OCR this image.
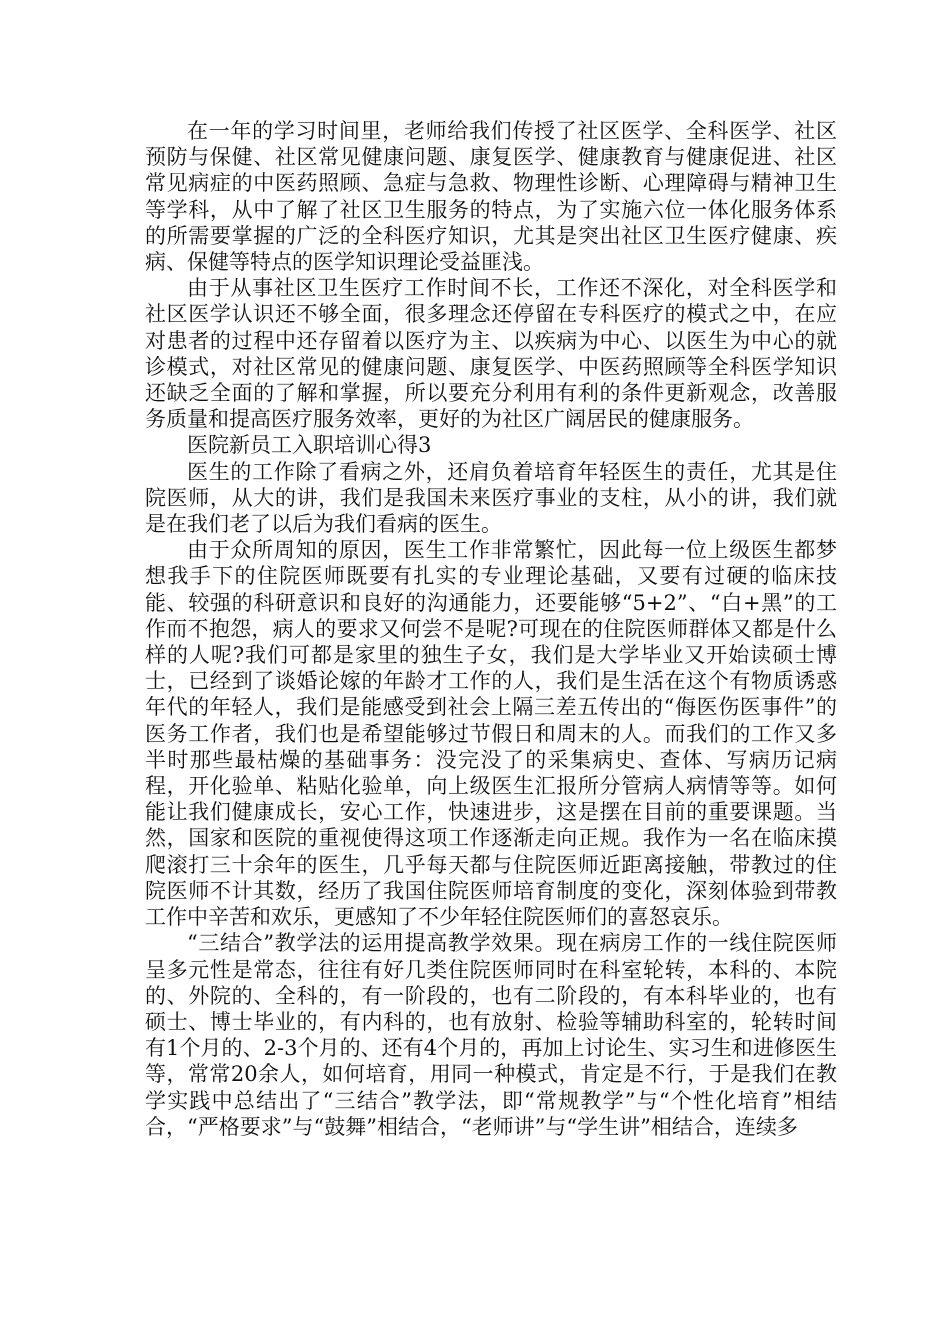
在一年的学习时间里，老师给我们传授了社区医学、全科医学、社区预防与保健、社区常见健康问题、康复医学、健康教育与健康促进、社区常见病症的中医药照顾、急症与急救、物理性诊断、心理障碍与精神卫生等学科，从中了解了社区卫生服务的特点，为了实施六位一体化服务体系的所需要掌握的广泛的全科医疗知识，尤其是突出社区卫生医疗健康、疾病、保健等特点的医学知识理论受益匪浅。

由于从事社区卫生医疗工作时间不长，工作还不深化，对全科医学和社区医学认识还不够全面，很多理念还停留在专科医疗的模式之中，在应对患者的过程中还存留着以医疗为主、以疾病为中心、以医生为中心的就诊模式，对社区常见的健康问题、康复医学、中医药照顾等全科医学知识还缺乏全面的了解和掌握，所以要充分利用有利的条件更新观念，改善服务质量和提高医疗服务效率，更好的为社区广阔居民的健康服务。

医院新员工入职培训心得3

医生的工作除了看病之外，还肩负着培育年轻医生的责任，尤其是住院医师，从大的讲，我们是我国未来医疗事业的支柱，从小的讲，我们就是在我们老了以后为我们看病的医生。

由于众所周知的原因，医生工作非常繁忙，因此每一位上级医生都梦想我手下的住院医师既要有扎实的专业理论基础，又要有过硬的临床技能、较强的科研意识和良好的沟通能力，还要能够“5+2”、“白+黑”的工作而不抱怨，病人的要求又何尝不是呢?可现在的住院医师群体又都是什么样的人呢?我们可都是家里的独生子女，我们是大学毕业又开始读硕士博士，已经到了谈婚论嫁的年龄才工作的人，我们是生活在这个有物质诱惑年代的年轻人，我们是能感受到社会上隔三差五传出的“侮医伤医事件”的医务工作者，我们也是希望能够过节假日和周末的人。而我们的工作又多半时那些最枯燥的基础事务：没完没了的采集病史、查体、写病历记病程，开化验单、粘贴化验单，向上级医生汇报所分管病人病情等等。如何能让我们健康成长，安心工作，快速进步，这是摆在目前的重要课题。当然，国家和医院的重视使得这项工作逐渐走向正规。我作为一名在临床摸爬滚打三十余年的医生，几乎每天都与住院医师近距离接触，带教过的住院医师不计其数，经历了我国住院医师培育制度的变化，深刻体验到带教工作中辛苦和欢乐，更感知了不少年轻住院医师们的喜怒哀乐。

“三结合”教学法的运用提高教学效果。现在病房工作的一线住院医师呈多元性是常态，往往有好几类住院医师同时在科室轮转，本科的、本院的、外院的、全科的，有一阶段的，也有二阶段的，有本科毕业的，也有硕士、博士毕业的，有内科的，也有放射、检验等辅助科室的，轮转时间有1个月的、2-3个月的、还有4个月的，再加上讨论生、实习生和进修医生等，常常20余人，如何培育，用同一种模式，肯定是不行，于是我们在教学实践中总结出了“三结合”教学法，即“常规教学”与“个性化培育”相结合，“严格要求”与“鼓舞”相结合，“老师讲”与“学生讲”相结合，连续多
